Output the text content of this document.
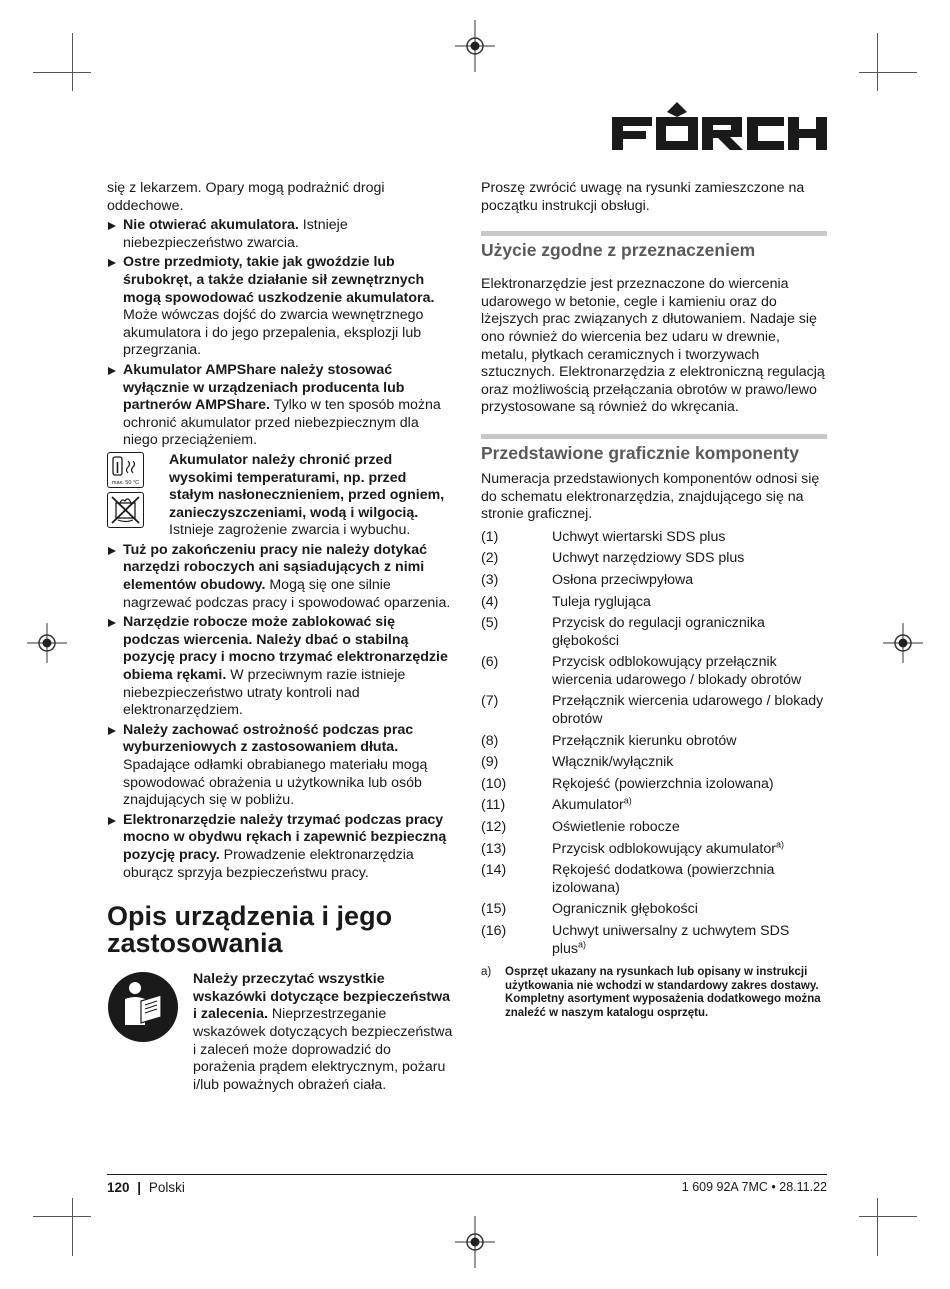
FÖRCH

się z lekarzem. Opary mogą podrażnić drogi oddechowe.

Nie otwierać akumulatora. Istnieje niebezpieczeństwo zwarcia.

Ostre przedmioty, takie jak gwoździe lub śrubokręt, a także działanie sił zewnętrznych mogą spowodować uszkodzenie akumulatora. Może wówczas dojść do zwarcia wewnętrznego akumulatora i do jego przepalenia, eksplozji lub przegrzania.

Akumulator AMPShare należy stosować wyłącznie w urządzeniach producenta lub partnerów AMPShare. Tylko w ten sposób można ochronić akumulator przed niebezpiecznym dla niego przeciążeniem.

max. 50 °C

Akumulator należy chronić przed wysokimi temperaturami, np. przed stałym nasłonecznieniem, przed ogniem, zanieczyszczeniami, wodą i wilgocią. Istnieje zagrożenie zwarcia i wybuchu.

Tuż po zakończeniu pracy nie należy dotykać narzędzi roboczych ani sąsiadujących z nimi elementów obudowy. Mogą się one silnie nagrzewać podczas pracy i spowodować oparzenia.

Narzędzie robocze może zablokować się podczas wiercenia. Należy dbać o stabilną pozycję pracy i mocno trzymać elektronarzędzie obiema rękami. W przeciwnym razie istnieje niebezpieczeństwo utraty kontroli nad elektronarzędziem.

Należy zachować ostrożność podczas prac wyburzeniowych z zastosowaniem dłuta. Spadające odłamki obrabianego materiału mogą spowodować obrażenia u użytkownika lub osób znajdujących się w pobliżu.

Elektronarzędzie należy trzymać podczas pracy mocno w obydwu rękach i zapewnić bezpieczną pozycję pracy. Prowadzenie elektronarzędzia oburącz sprzyja bezpieczeństwu pracy.

Opis urządzenia i jego zastosowania

Należy przeczytać wszystkie wskazówki dotyczące bezpieczeństwa i zalecenia. Nieprzestrzeganie wskazówek dotyczących bezpieczeństwa i zaleceń może doprowadzić do porażenia prądem elektrycznym, pożaru i/lub poważnych obrażeń ciała.

Proszę zwrócić uwagę na rysunki zamieszczone na początku instrukcji obsługi.

Użycie zgodne z przeznaczeniem

Elektronarzędzie jest przeznaczone do wiercenia udarowego w betonie, cegle i kamieniu oraz do lżejszych prac związanych z dłutowaniem. Nadaje się ono również do wiercenia bez udaru w drewnie, metalu, płytkach ceramicznych i tworzywach sztucznych. Elektronarzędzia z elektroniczną regulacją oraz możliwością przełączania obrotów w prawo/lewo przystosowane są również do wkręcania.

Przedstawione graficznie komponenty

Numeracja przedstawionych komponentów odnosi się do schematu elektronarzędzia, znajdującego się na stronie graficznej.

(1)	Uchwyt wiertarski SDS plus
(2)	Uchwyt narzędziowy SDS plus
(3)	Osłona przeciwpyłowa
(4)	Tuleja ryglująca
(5)	Przycisk do regulacji ogranicznika głębokości
(6)	Przycisk odblokowujący przełącznik wiercenia udarowego / blokady obrotów
(7)	Przełącznik wiercenia udarowego / blokady obrotów
(8)	Przełącznik kierunku obrotów
(9)	Włącznik/wyłącznik
(10)	Rękojeść (powierzchnia izolowana)
(11)	Akumulator$^{a)}$
(12)	Oświetlenie robocze
(13)	Przycisk odblokowujący akumulator$^{a)}$
(14)	Rękojeść dodatkowa (powierzchnia izolowana)
(15)	Ogranicznik głębokości
(16)	Uchwyt uniwersalny z uchwytem SDS plus$^{a)}$
a)	Osprzęt ukazany na rysunkach lub opisany w instrukcji użytkowania nie wchodzi w standardowy zakres dostawy. Kompletny asortyment wyposażenia dodatkowego można znaleźć w naszym katalogu osprzętu.
120 | Polski	1 609 92A 7MC • 28.11.22
